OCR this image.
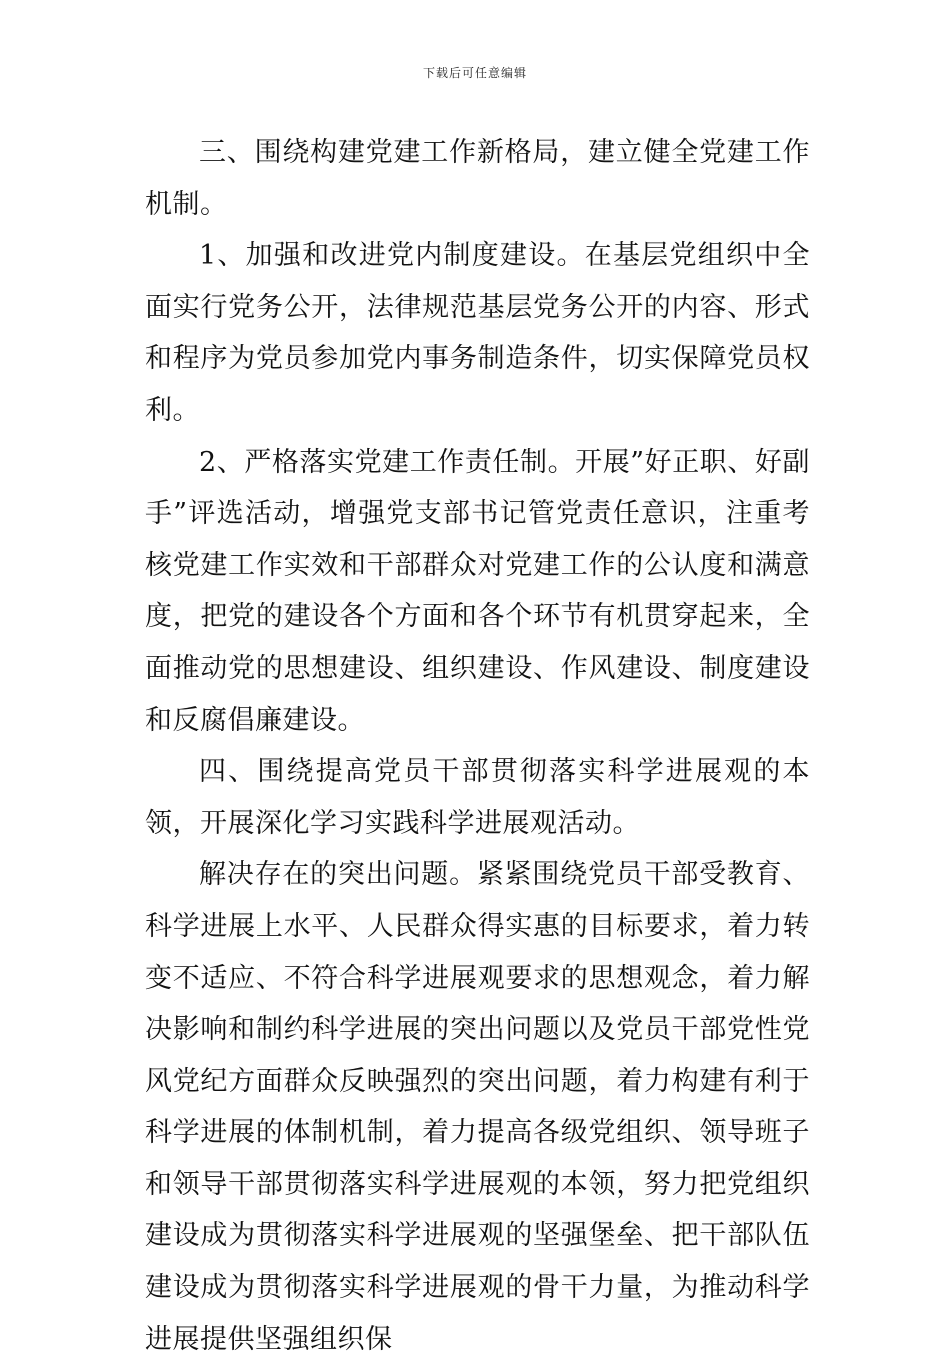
下载后可任意编辑

三、围绕构建党建工作新格局，建立健全党建工作机制。

1、加强和改进党内制度建设。在基层党组织中全面实行党务公开，法律规范基层党务公开的内容、形式和程序为党员参加党内事务制造条件，切实保障党员权利。

2、严格落实党建工作责任制。开展”好正职、好副手”评选活动，增强党支部书记管党责任意识，注重考核党建工作实效和干部群众对党建工作的公认度和满意度，把党的建设各个方面和各个环节有机贯穿起来，全面推动党的思想建设、组织建设、作风建设、制度建设和反腐倡廉建设。

四、围绕提高党员干部贯彻落实科学进展观的本领，开展深化学习实践科学进展观活动。

解决存在的突出问题。紧紧围绕党员干部受教育、科学进展上水平、人民群众得实惠的目标要求，着力转变不适应、不符合科学进展观要求的思想观念，着力解决影响和制约科学进展的突出问题以及党员干部党性党风党纪方面群众反映强烈的突出问题，着力构建有利于科学进展的体制机制，着力提高各级党组织、领导班子和领导干部贯彻落实科学进展观的本领，努力把党组织建设成为贯彻落实科学进展观的坚强堡垒、把干部队伍建设成为贯彻落实科学进展观的骨干力量，为推动科学进展提供坚强组织保
